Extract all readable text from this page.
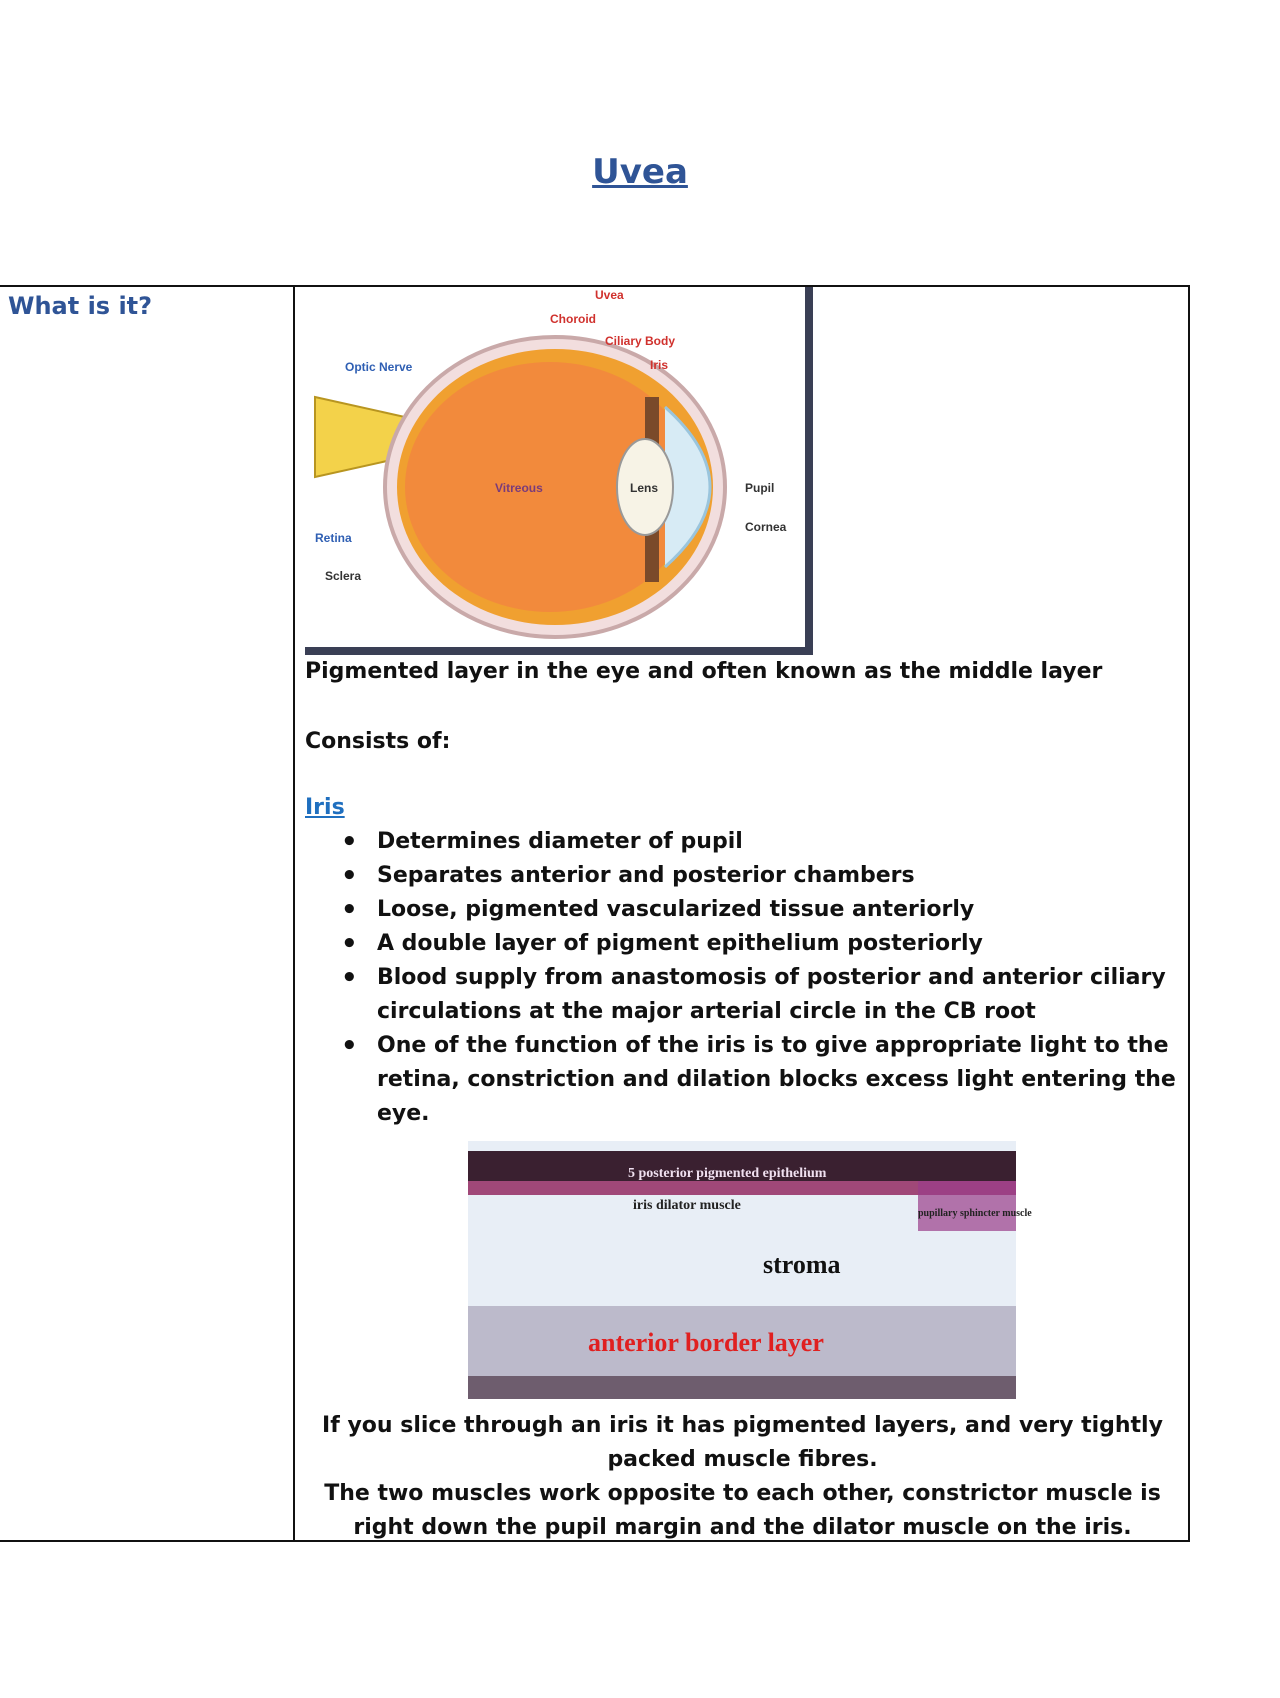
Uvea
What is it?	Uvea
Choroid
Ciliary Body
Iris
Optic Nerve
Vitreous	Lens	Pupil
Cornea
Retina
Sclera

Pigmented layer in the eye and often known as the middle layer

Consists of:

Iris

• Determines diameter of pupil
• Separates anterior and posterior chambers
• Loose, pigmented vascularized tissue anteriorly
• A double layer of pigment epithelium posteriorly
• Blood supply from anastomosis of posterior and anterior ciliary circulations at the major arterial circle in the CB root
• One of the function of the iris is to give appropriate light to the retina, constriction and dilation blocks excess light entering the eye.
5 posterior pigmented epithelium
iris dilator muscle
pupillary sphincter muscle
stroma
anterior border layer

If you slice through an iris it has pigmented layers, and very tightly packed muscle fibres.

The two muscles work opposite to each other, constrictor muscle is right down the pupil margin and the dilator muscle on the iris.
